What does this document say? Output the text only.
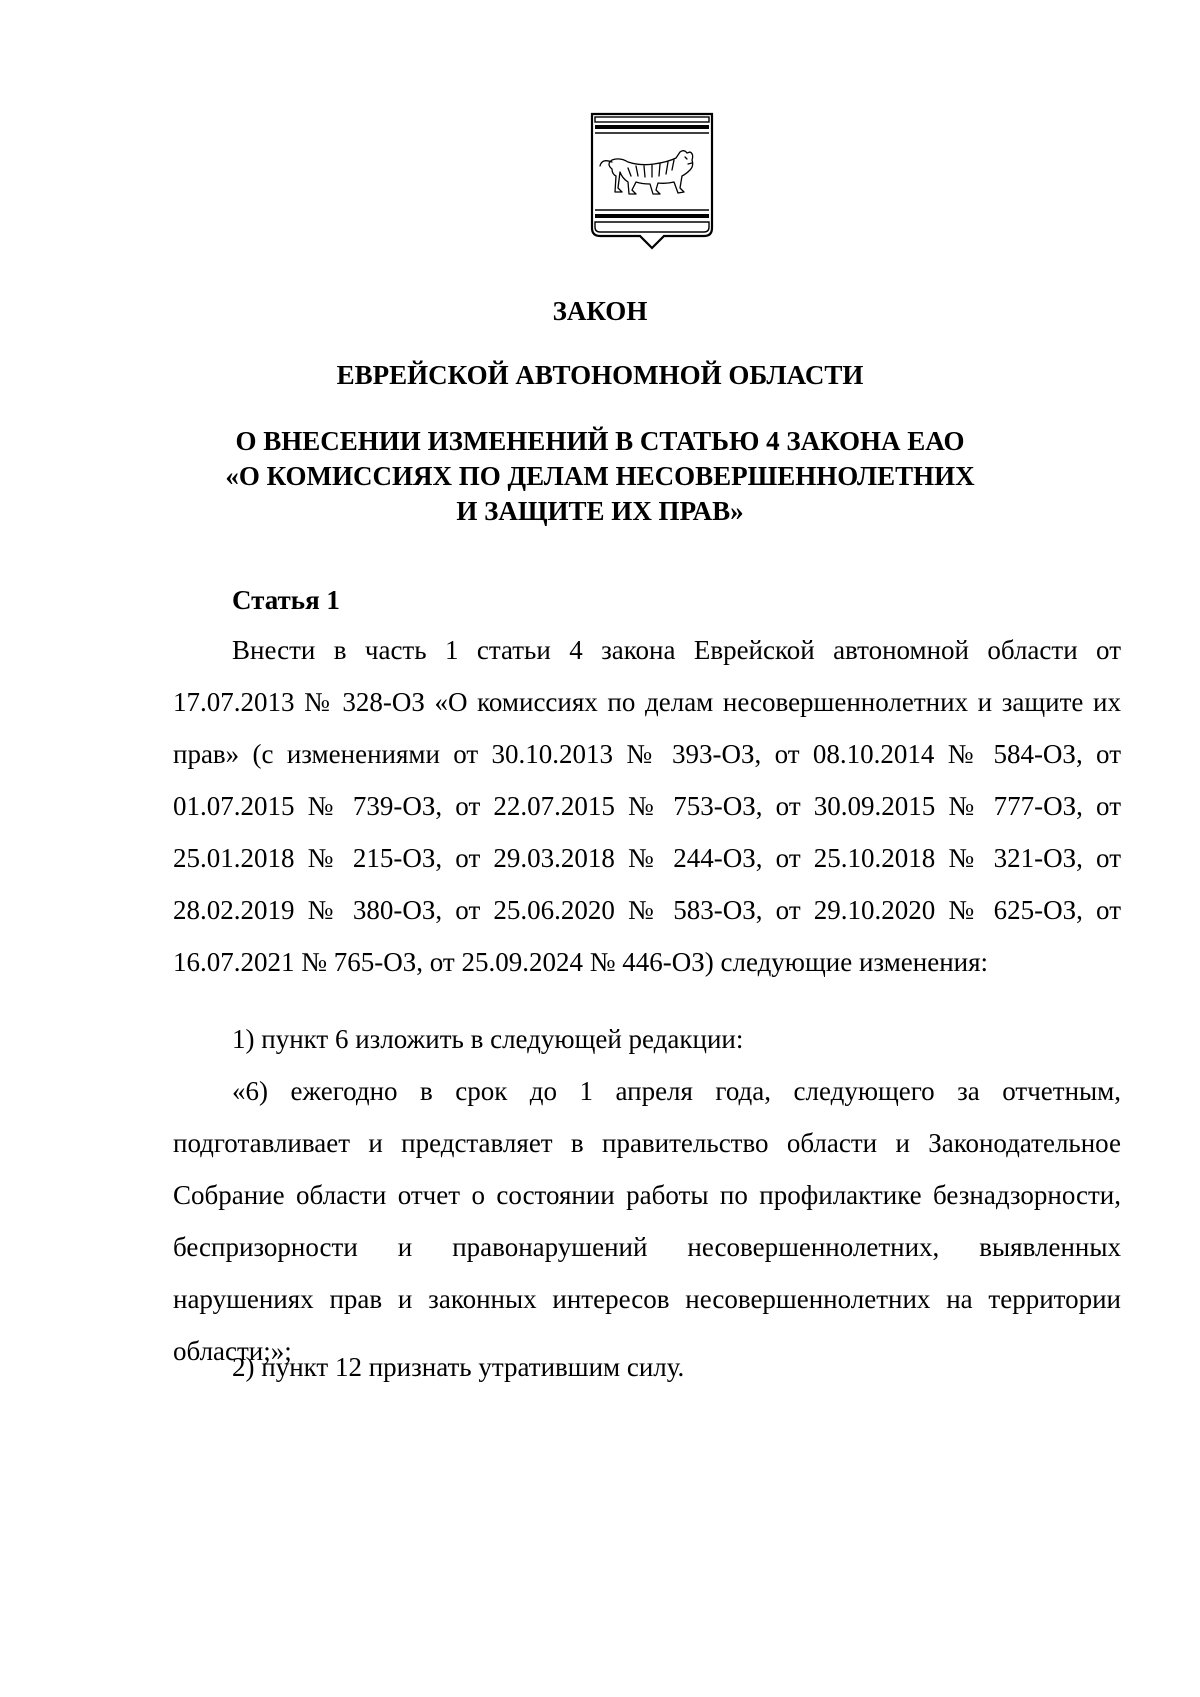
ЗАКОН
ЕВРЕЙСКОЙ АВТОНОМНОЙ ОБЛАСТИ
О ВНЕСЕНИИ ИЗМЕНЕНИЙ В СТАТЬЮ 4 ЗАКОНА ЕАО
«О КОМИССИЯХ ПО ДЕЛАМ НЕСОВЕРШЕННОЛЕТНИХ
И ЗАЩИТЕ ИХ ПРАВ»
Статья 1

Внести в часть 1 статьи 4 закона Еврейской автономной области от 17.07.2013 № 328-ОЗ «О комиссиях по делам несовершеннолетних и защите их прав» (с изменениями от 30.10.2013 № 393-ОЗ, от 08.10.2014 № 584-ОЗ, от 01.07.2015 № 739-ОЗ, от 22.07.2015 № 753-ОЗ, от 30.09.2015 № 777-ОЗ, от 25.01.2018 № 215-ОЗ, от 29.03.2018 № 244-ОЗ, от 25.10.2018 № 321-ОЗ, от 28.02.2019 № 380-ОЗ, от 25.06.2020 № 583-ОЗ, от 29.10.2020 № 625-ОЗ, от 16.07.2021 № 765-ОЗ, от 25.09.2024 № 446-ОЗ) следующие изменения:

1) пункт 6 изложить в следующей редакции:

«6) ежегодно в срок до 1 апреля года, следующего за отчетным, подготавливает и представляет в правительство области и Законодательное Собрание области отчет о состоянии работы по профилактике безнадзорности, беспризорности и правонарушений несовершеннолетних, выявленных нарушениях прав и законных интересов несовершеннолетних на территории области;»;

2) пункт 12 признать утратившим силу.
